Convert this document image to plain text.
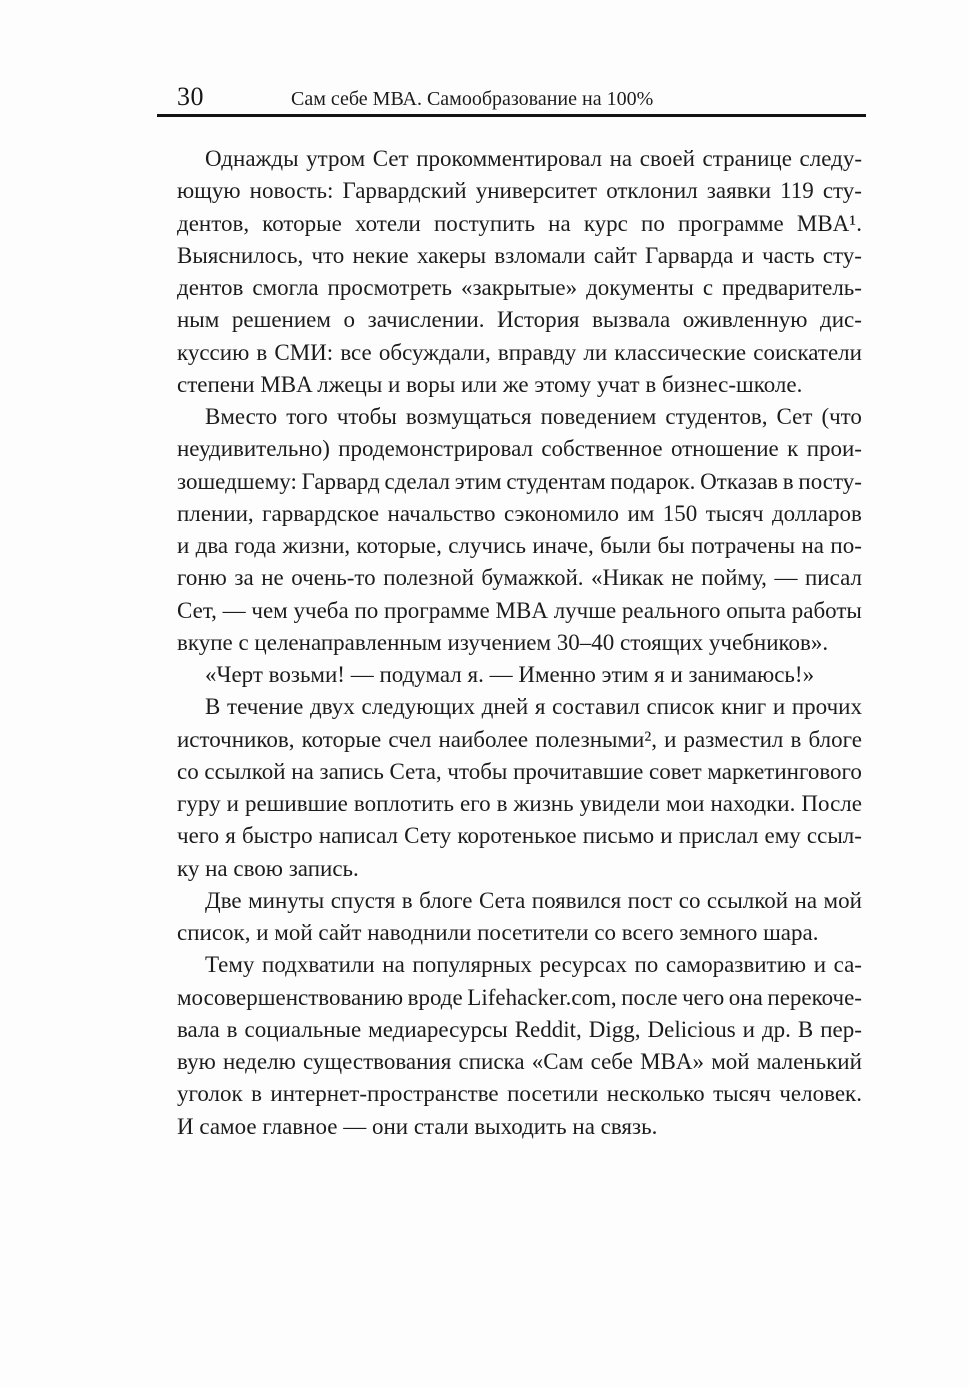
30	Сам себе МВА. Самообразование на 100%
Однажды утром Сет прокомментировал на своей странице следу-
ющую новость: Гарвардский университет отклонил заявки 119 сту-
дентов, которые хотели поступить на курс по программе MBA¹.
Выяснилось, что некие хакеры взломали сайт Гарварда и часть сту-
дентов смогла просмотреть «закрытые» документы с предваритель-
ным решением о зачислении. История вызвала оживленную дис-
куссию в СМИ: все обсуждали, вправду ли классические соискатели
степени MBA лжецы и воры или же этому учат в бизнес-школе.
Вместо того чтобы возмущаться поведением студентов, Сет (что
неудивительно) продемонстрировал собственное отношение к прои-
зошедшему: Гарвард сделал этим студентам подарок. Отказав в посту-
плении, гарвардское начальство сэкономило им 150 тысяч долларов
и два года жизни, которые, случись иначе, были бы потрачены на по-
гоню за не очень-то полезной бумажкой. «Никак не пойму, — писал
Сет, — чем учеба по программе MBA лучше реального опыта работы
вкупе с целенаправленным изучением 30–40 стоящих учебников».
«Черт возьми! — подумал я. — Именно этим я и занимаюсь!»
В течение двух следующих дней я составил список книг и прочих
источников, которые счел наиболее полезными², и разместил в блоге
со ссылкой на запись Сета, чтобы прочитавшие совет маркетингового
гуру и решившие воплотить его в жизнь увидели мои находки. После
чего я быстро написал Сету коротенькое письмо и прислал ему ссыл-
ку на свою запись.
Две минуты спустя в блоге Сета появился пост со ссылкой на мой
список, и мой сайт наводнили посетители со всего земного шара.
Тему подхватили на популярных ресурсах по саморазвитию и са-
мосовершенствованию вроде Lifehacker.com, после чего она перекоче-
вала в социальные медиаресурсы Reddit, Digg, Delicious и др. В пер-
вую неделю существования списка «Сам себе MBA» мой маленький
уголок в интернет-пространстве посетили несколько тысяч человек.
И самое главное — они стали выходить на связь.
